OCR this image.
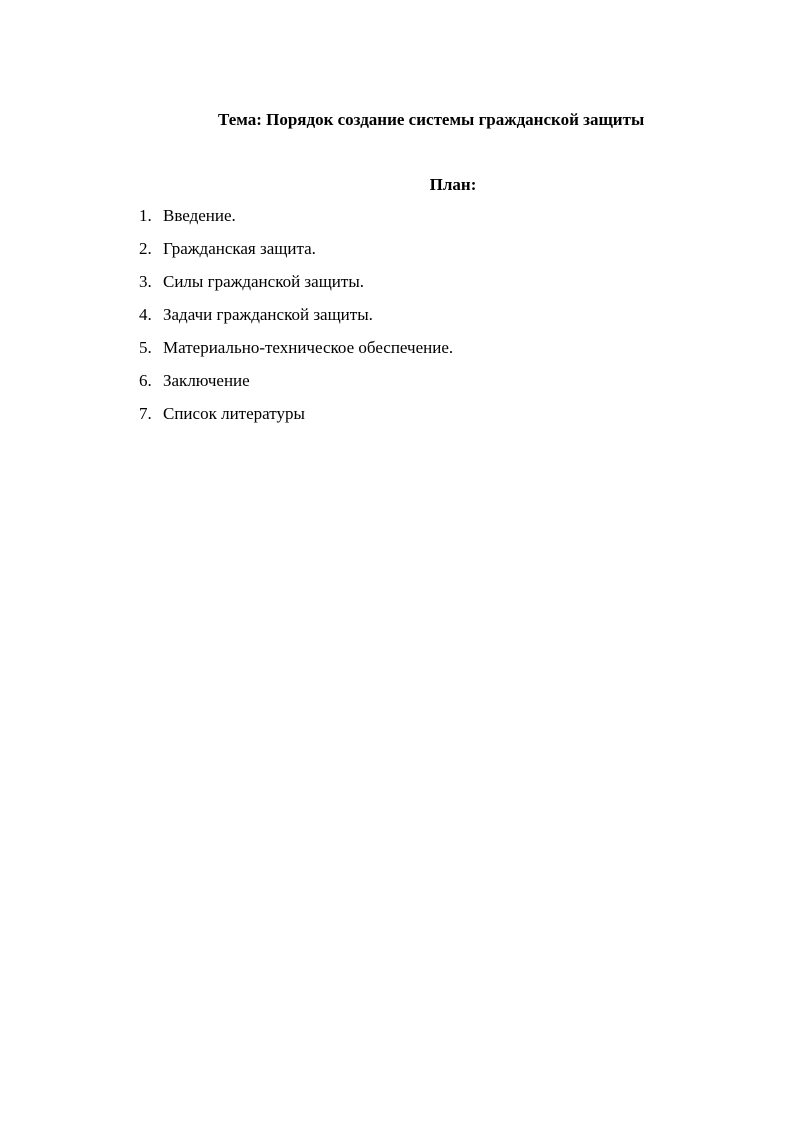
Тема: Порядок создание системы гражданской защиты
План:
1. Введение.
2. Гражданская защита.
3. Силы гражданской защиты.
4. Задачи гражданской защиты.
5. Материально-техническое обеспечение.
6. Заключение
7. Список литературы
